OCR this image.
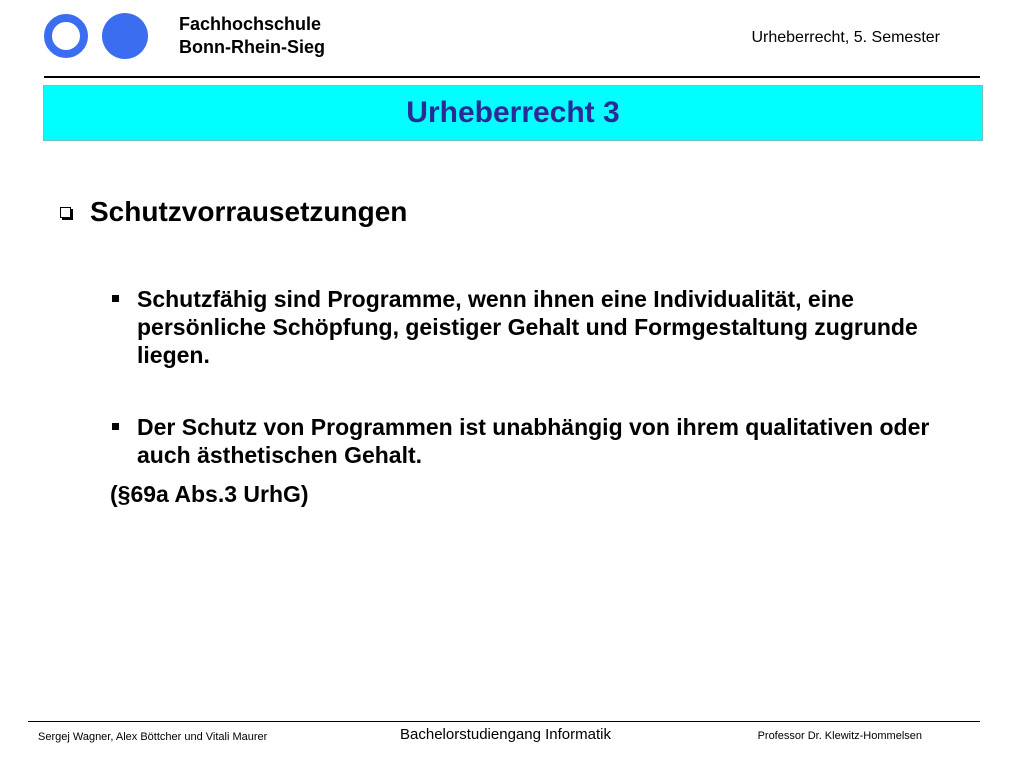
Fachhochschule
Bonn-Rhein-Sieg	Urheberrecht, 5. Semester
Urheberrecht 3
Schutzvorrausetzungen
Schutzfähig sind Programme, wenn ihnen eine Individualität, eine persönliche Schöpfung, geistiger Gehalt und Formgestaltung zugrunde liegen.
Der Schutz von Programmen ist unabhängig von ihrem qualitativen oder auch ästhetischen Gehalt.
(§69a Abs.3 UrhG)
Sergej Wagner, Alex Böttcher und Vitali Maurer	Bachelorstudiengang Informatik	Professor Dr. Klewitz-Hommelsen
